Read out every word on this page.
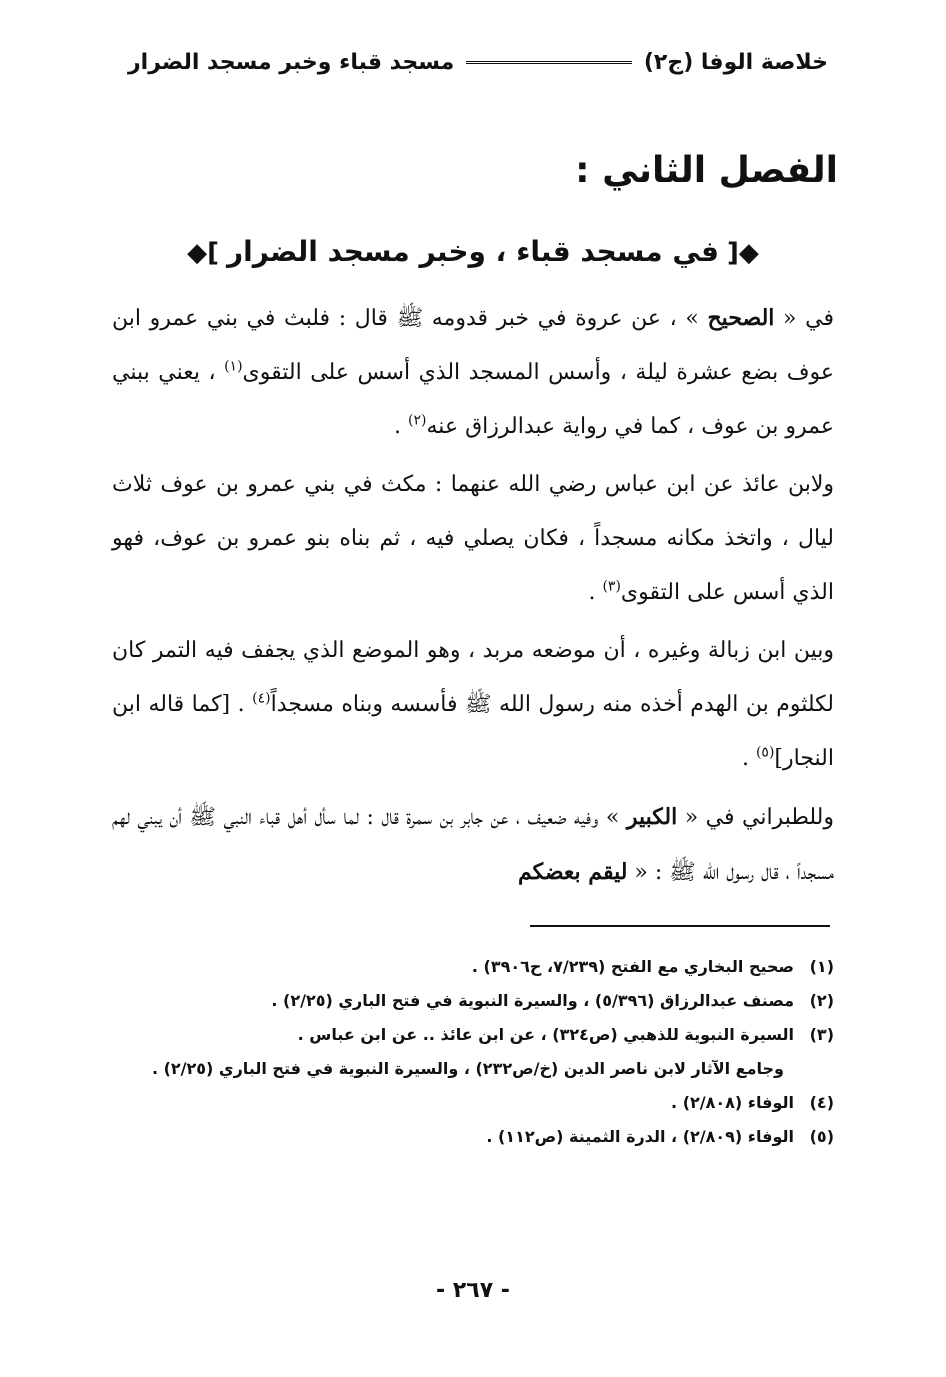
خلاصة الوفا (ج٢)
مسجد قباء وخبر مسجد الضرار
الفصل الثاني :
◆[في مسجد قباء ، وخبر مسجد الضرار]◆

في « الصحيح » ، عن عروة في خبر قدومه ﷺ قال : فلبث في بني عمرو ابن عوف بضع عشرة ليلة ، وأسس المسجد الذي أسس على التقوى$^{(١)}$ ، يعني ببني عمرو بن عوف ، كما في رواية عبدالرزاق عنه$^{(٢)}$ .

ولابن عائذ عن ابن عباس رضي الله عنهما : مكث في بني عمرو بن عوف ثلاث ليال ، واتخذ مكانه مسجداً ، فكان يصلي فيه ، ثم بناه بنو عمرو بن عوف، فهو الذي أسس على التقوى$^{(٣)}$ .

وبين ابن زبالة وغيره ، أن موضعه مربد ، وهو الموضع الذي يجفف فيه التمر كان لكلثوم بن الهدم أخذه منه رسول الله ﷺ فأسسه وبناه مسجداً$^{(٤)}$ . [كما قاله ابن النجار]$^{(٥)}$ .

وللطبراني في « الكبير » وفيه ضعيف ، عن جابر بن سمرة قال : لما سأل أهل قباء النبي ﷺ أن يبني لهم مسجداً ، قال رسول الله ﷺ : « ليقم بعضكم

(١)
صحيح البخاري مع الفتح (٧/٢٣٩، ح٣٩٠٦) .
(٢)
مصنف عبدالرزاق (٥/٣٩٦) ، والسيرة النبوية في فتح الباري (٢/٢٥) .
(٣)
السيرة النبوية للذهبي (ص٣٢٤) ، عن ابن عائذ .. عن ابن عباس .
وجامع الآثار لابن ناصر الدين (خ/ص٢٣٢) ، والسيرة النبوية في فتح الباري (٢/٢٥) .
(٤)
الوفاء (٢/٨٠٨) .
(٥)
الوفاء (٢/٨٠٩) ، الدرة الثمينة (ص١١٢) .
- ٢٦٧ -
